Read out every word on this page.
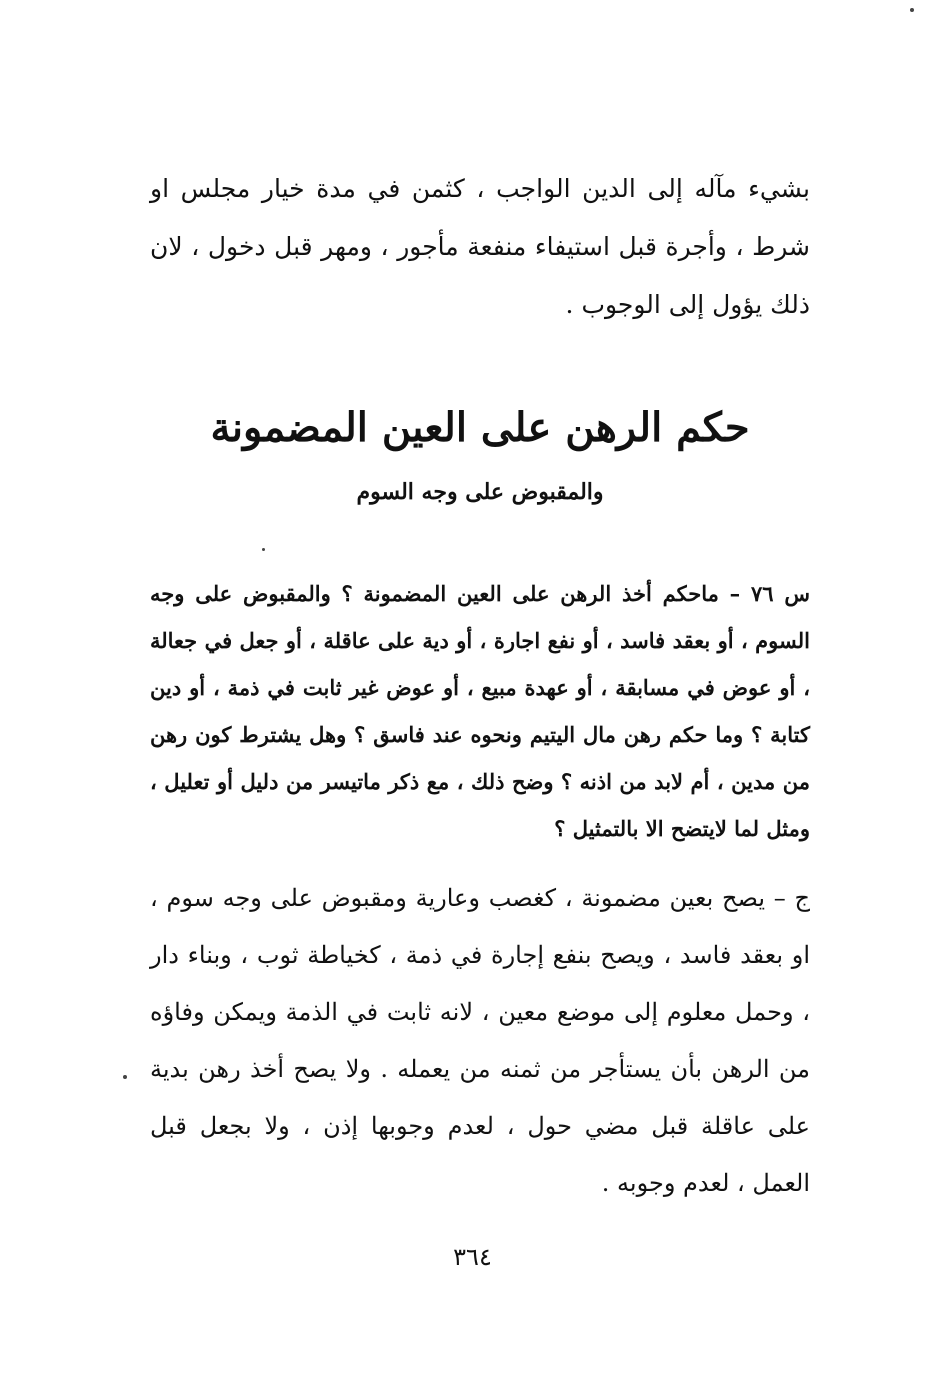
بشيء مآله إلى الدين الواجب ، كثمن في مدة خيار مجلس او شرط ، وأجرة قبل استيفاء منفعة مأجور ، ومهر قبل دخول ، لان ذلك يؤول إلى الوجوب .

حكم الرهن على العين المضمونة
والمقبوض على وجه السوم

س ٧٦ – ماحكم أخذ الرهن على العين المضمونة ؟ والمقبوض على وجه السوم ، أو بعقد فاسد ، أو نفع اجارة ، أو دية على عاقلة ، أو جعل في جعالة ، أو عوض في مسابقة ، أو عهدة مبيع ، أو عوض غير ثابت في ذمة ، أو دين كتابة ؟ وما حكم رهن مال اليتيم ونحوه عند فاسق ؟ وهل يشترط كون رهن من مدين ، أم لابد من اذنه ؟ وضح ذلك ، مع ذكر ماتيسر من دليل أو تعليل ، ومثل لما لايتضح الا بالتمثيل ؟

ج – يصح بعين مضمونة ، كغصب وعارية ومقبوض على وجه سوم ، او بعقد فاسد ، ويصح بنفع إجارة في ذمة ، كخياطة ثوب ، وبناء دار ، وحمل معلوم إلى موضع معين ، لانه ثابت في الذمة ويمكن وفاؤه من الرهن بأن يستأجر من ثمنه من يعمله . ولا يصح أخذ رهن بدية على عاقلة قبل مضي حول ، لعدم وجوبها إذن ، ولا بجعل قبل العمل ، لعدم وجوبه .

٣٦٤
